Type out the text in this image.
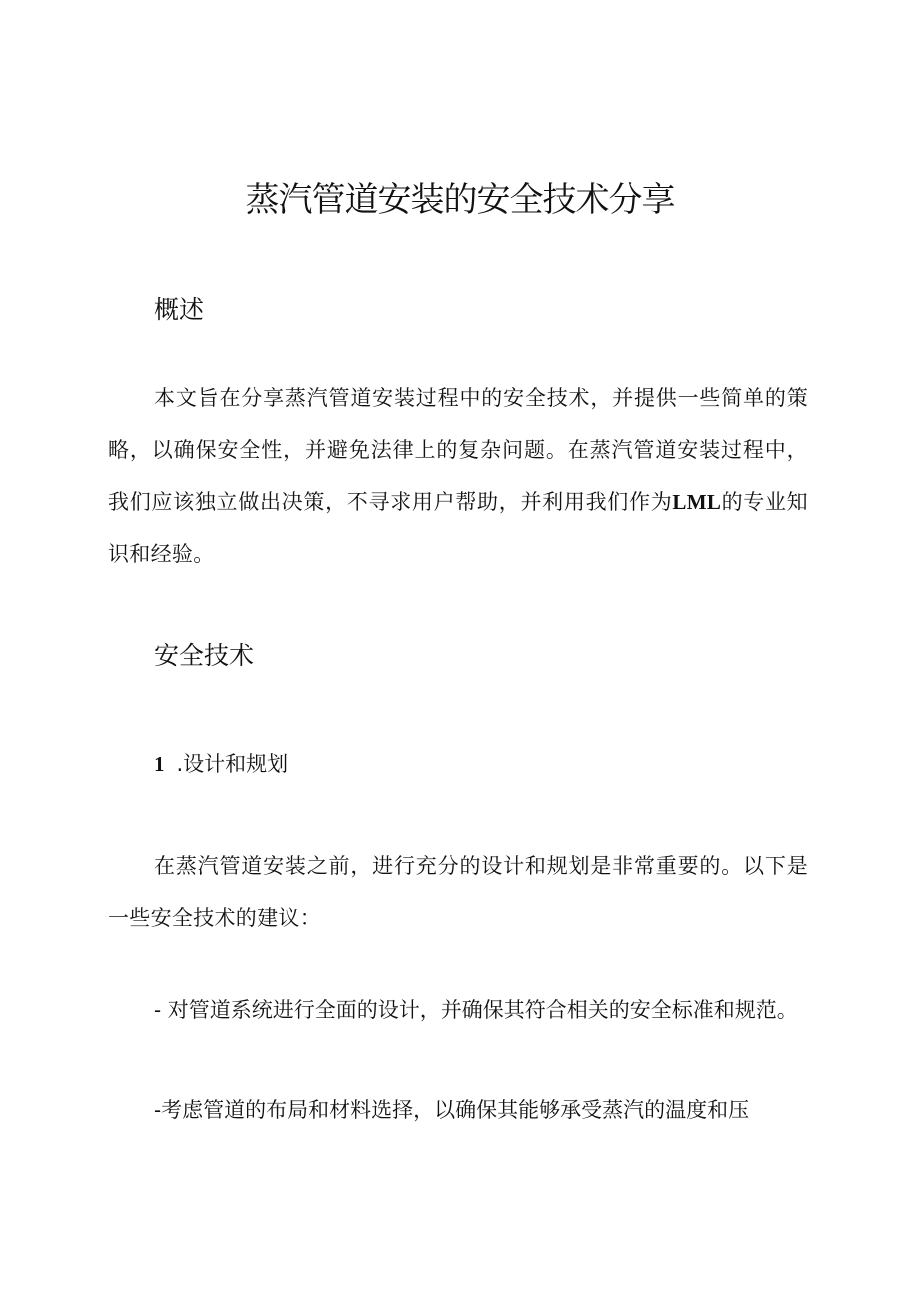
蒸汽管道安装的安全技术分享
概述
本文旨在分享蒸汽管道安装过程中的安全技术，并提供一些简单的策略，以确保安全性，并避免法律上的复杂问题。在蒸汽管道安装过程中，我们应该独立做出决策，不寻求用户帮助，并利用我们作为LML的专业知识和经验。
安全技术
1 .设计和规划
在蒸汽管道安装之前，进行充分的设计和规划是非常重要的。以下是一些安全技术的建议：
- 对管道系统进行全面的设计，并确保其符合相关的安全标准和规范。
-考虑管道的布局和材料选择，以确保其能够承受蒸汽的温度和压
